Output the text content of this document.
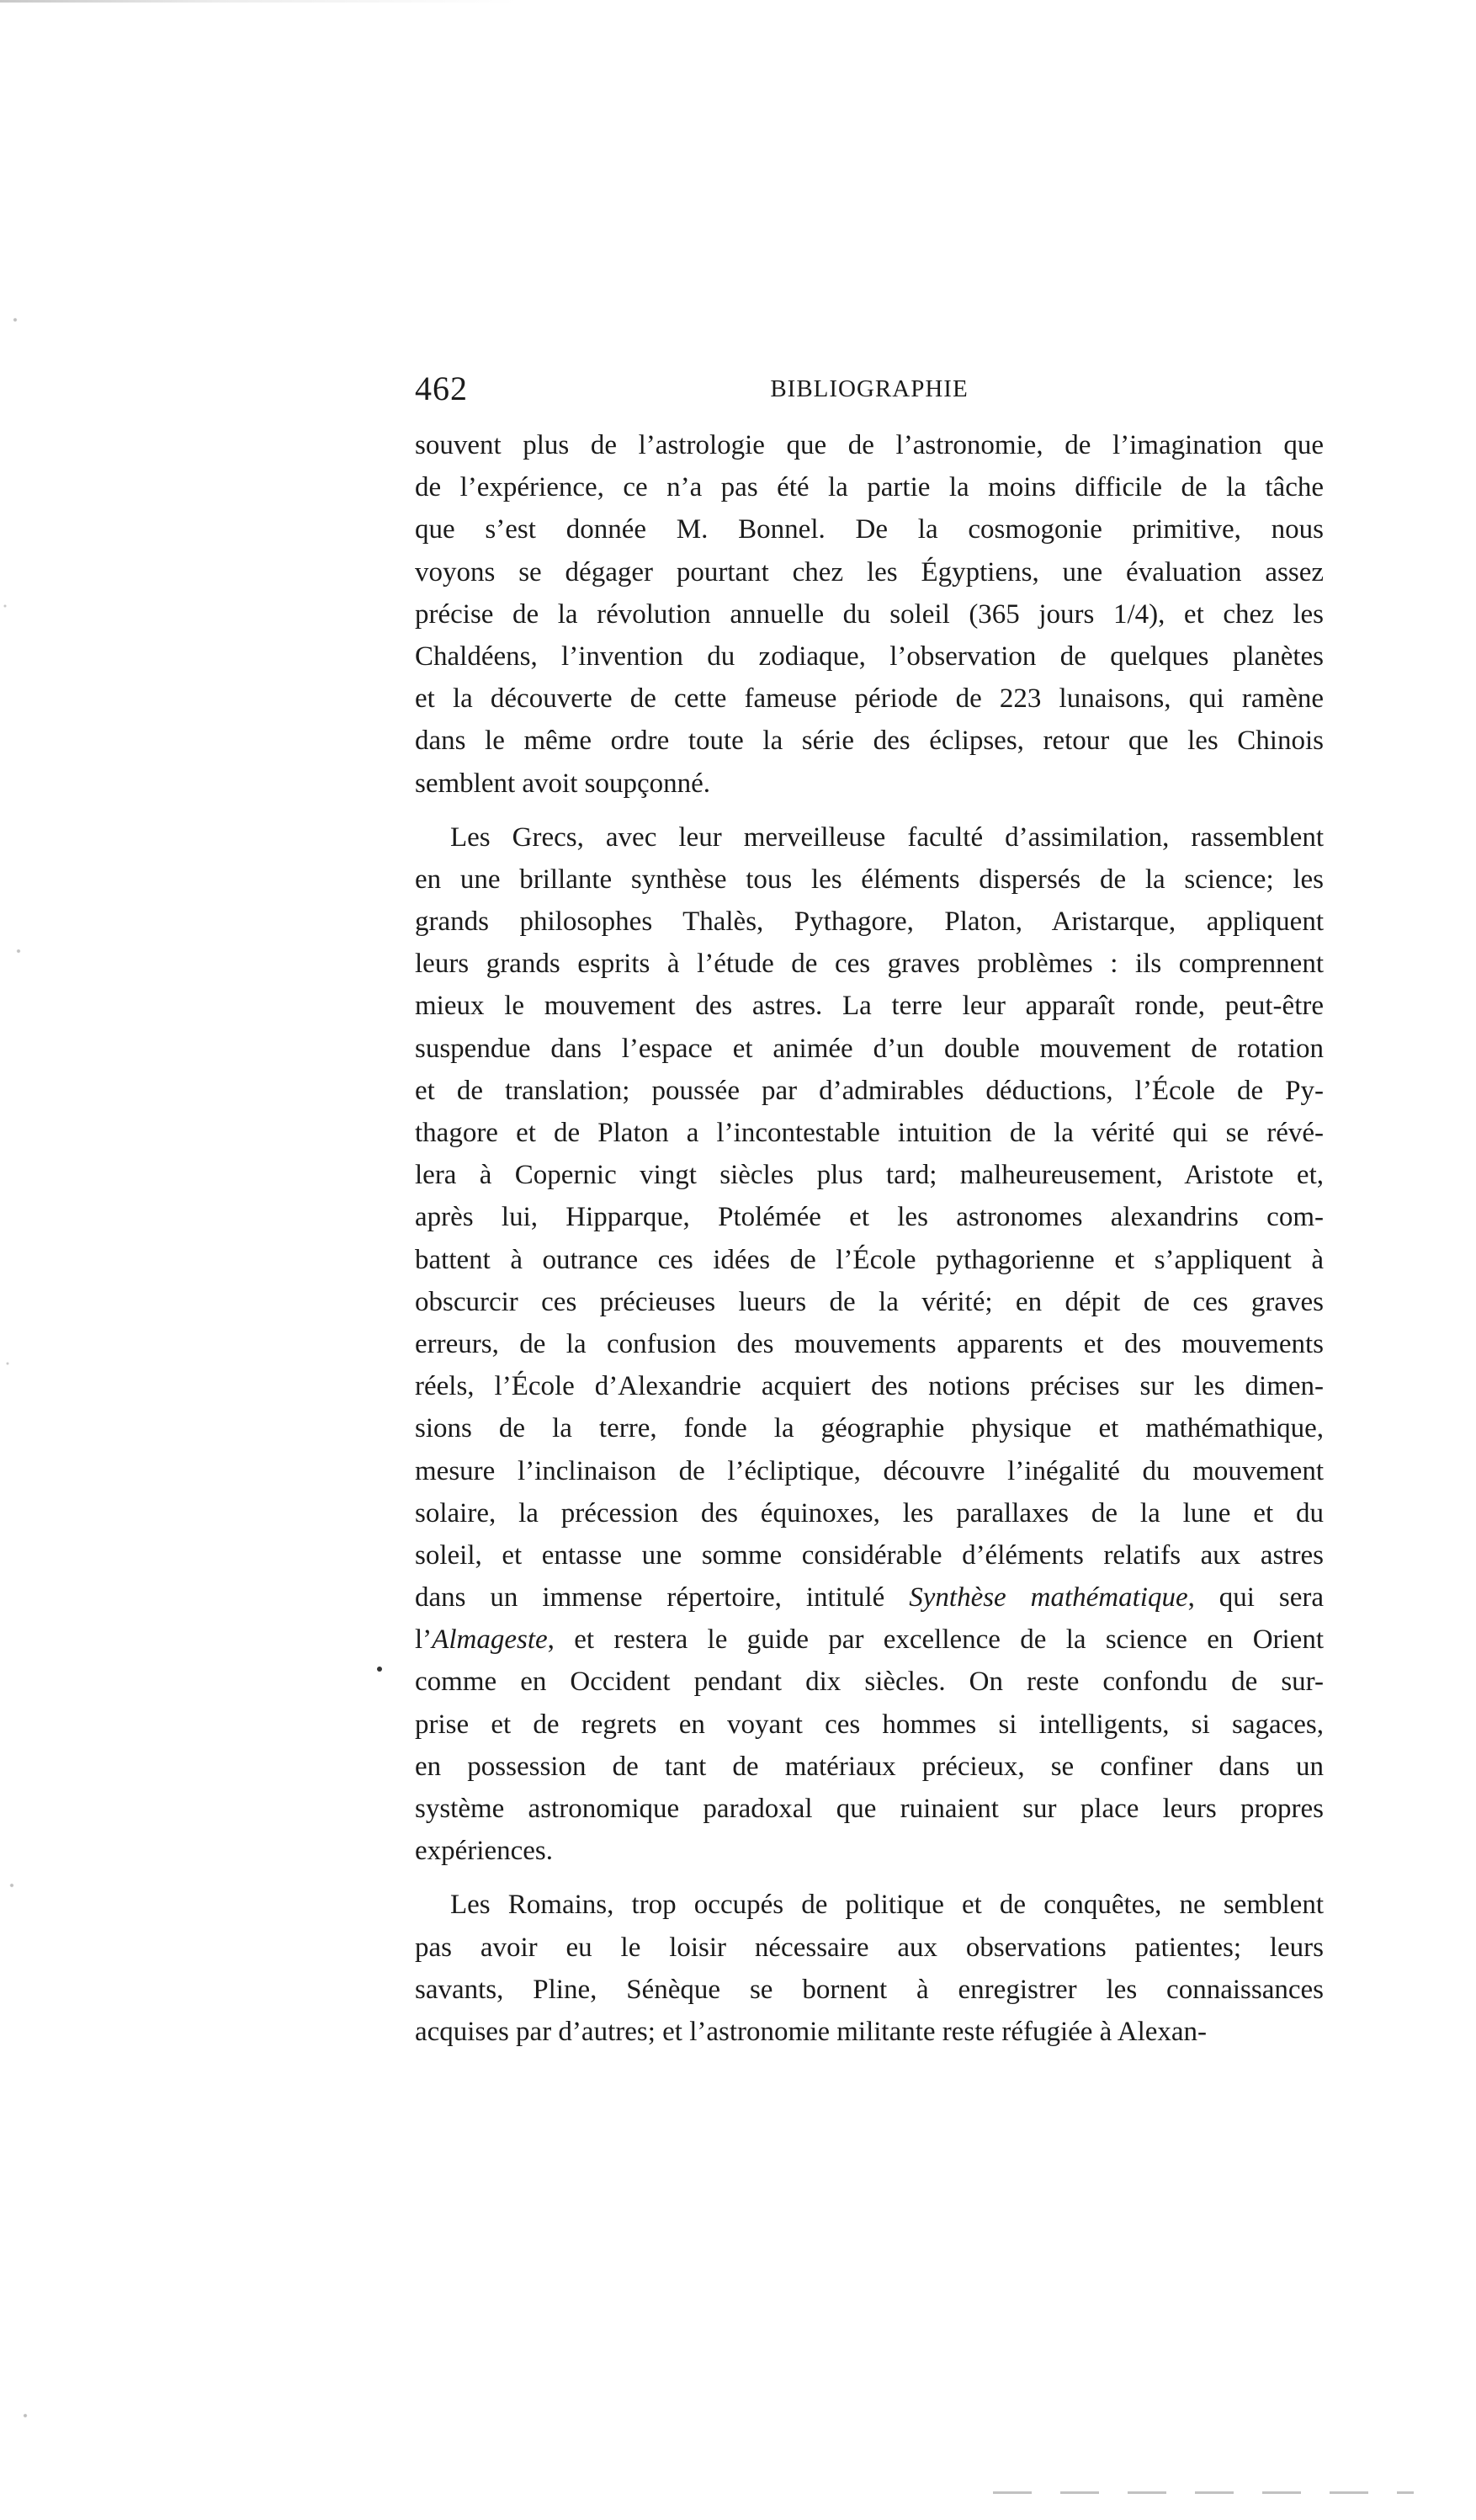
462	BIBLIOGRAPHIE

souvent plus de l’astrologie que de l’astronomie, de l’imagination que
de l’expérience, ce n’a pas été la partie la moins difficile de la tâche
que s’est donnée M. Bonnel. De la cosmogonie primitive, nous
voyons se dégager pourtant chez les Égyptiens, une évaluation assez
précise de la révolution annuelle du soleil (365 jours 1/4), et chez les
Chaldéens, l’invention du zodiaque, l’observation de quelques planètes
et la découverte de cette fameuse période de 223 lunaisons, qui ramène
dans le même ordre toute la série des éclipses, retour que les Chinois
semblent avoit soupçonné.

Les Grecs, avec leur merveilleuse faculté d’assimilation, rassemblent
en une brillante synthèse tous les éléments dispersés de la science; les
grands philosophes Thalès, Pythagore, Platon, Aristarque, appliquent
leurs grands esprits à l’étude de ces graves problèmes : ils comprennent
mieux le mouvement des astres. La terre leur apparaît ronde, peut-être
suspendue dans l’espace et animée d’un double mouvement de rotation
et de translation; poussée par d’admirables déductions, l’École de Py-
thagore et de Platon a l’incontestable intuition de la vérité qui se révé-
lera à Copernic vingt siècles plus tard; malheureusement, Aristote et,
après lui, Hipparque, Ptolémée et les astronomes alexandrins com-
battent à outrance ces idées de l’École pythagorienne et s’appliquent à
obscurcir ces précieuses lueurs de la vérité; en dépit de ces graves
erreurs, de la confusion des mouvements apparents et des mouvements
réels, l’École d’Alexandrie acquiert des notions précises sur les dimen-
sions de la terre, fonde la géographie physique et mathémathique,
mesure l’inclinaison de l’écliptique, découvre l’inégalité du mouvement
solaire, la précession des équinoxes, les parallaxes de la lune et du
soleil, et entasse une somme considérable d’éléments relatifs aux astres
dans un immense répertoire, intitulé Synthèse mathématique, qui sera
l’Almageste, et restera le guide par excellence de la science en Orient
comme en Occident pendant dix siècles. On reste confondu de sur-
prise et de regrets en voyant ces hommes si intelligents, si sagaces,
en possession de tant de matériaux précieux, se confiner dans un
système astronomique paradoxal que ruinaient sur place leurs propres
expériences.

Les Romains, trop occupés de politique et de conquêtes, ne semblent
pas avoir eu le loisir nécessaire aux observations patientes; leurs
savants, Pline, Sénèque se bornent à enregistrer les connaissances
acquises par d’autres; et l’astronomie militante reste réfugiée à Alexan-
